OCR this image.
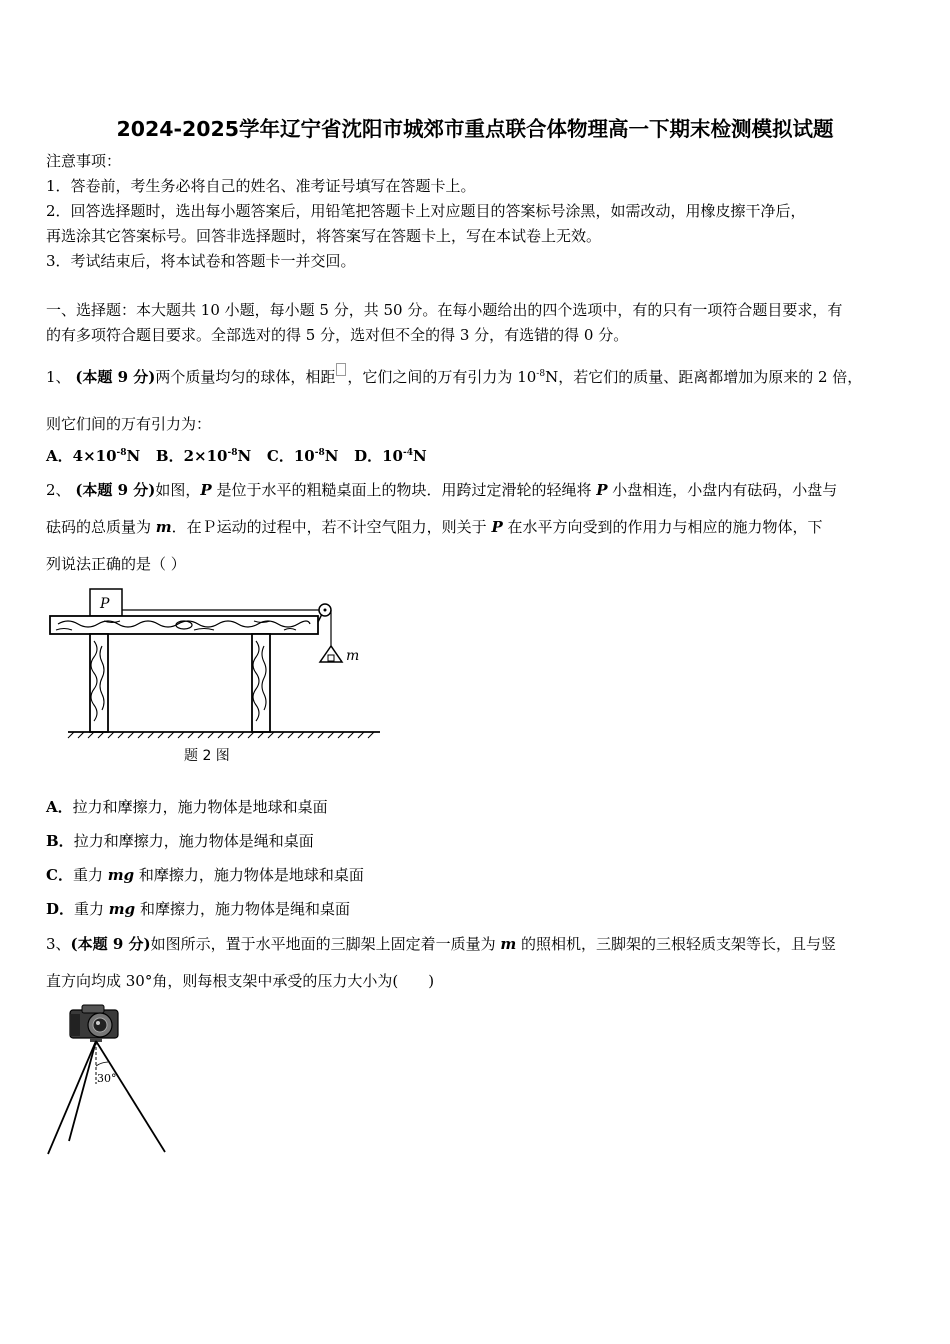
2024-2025学年辽宁省沈阳市城郊市重点联合体物理高一下期末检测模拟试题
注意事项：
1．答卷前，考生务必将自己的姓名、准考证号填写在答题卡上。
2．回答选择题时，选出每小题答案后，用铅笔把答题卡上对应题目的答案标号涂黑，如需改动，用橡皮擦干净后，
再选涂其它答案标号。回答非选择题时，将答案写在答题卡上，写在本试卷上无效。
3．考试结束后，将本试卷和答题卡一并交回。
一、选择题：本大题共 10 小题，每小题 5 分，共 50 分。在每小题给出的四个选项中，有的只有一项符合题目要求，有
的有多项符合题目要求。全部选对的得 5 分，选对但不全的得 3 分，有选错的得 0 分。
1、 (本题 9 分)两个质量均匀的球体，相距 ，它们之间的万有引力为 $10^{-8}N$，若它们的质量、距离都增加为原来的 2 倍，
则它们间的万有引力为：
A．$4\times 10^{-8}N$ B．$2\times 10^{-8}N$ C．$10^{-8}N$ D．$10^{-4}N$
2、 (本题 9 分)如图，P 是位于水平的粗糙桌面上的物块．用跨过定滑轮的轻绳将 P 小盘相连，小盘内有砝码，小盘与
砝码的总质量为 m．在Ｐ运动的过程中，若不计空气阻力，则关于 P 在水平方向受到的作用力与相应的施力物体，下
列说法正确的是（ ）
P
m
题 2 图
A．拉力和摩擦力，施力物体是地球和桌面
B．拉力和摩擦力，施力物体是绳和桌面
C．重力 mg 和摩擦力，施力物体是地球和桌面
D．重力 mg 和摩擦力，施力物体是绳和桌面
3、(本题 9 分)如图所示，置于水平地面的三脚架上固定着一质量为 m 的照相机，三脚架的三根轻质支架等长，且与竖
直方向均成 30°角，则每根支架中承受的压力大小为(　　)
30°
